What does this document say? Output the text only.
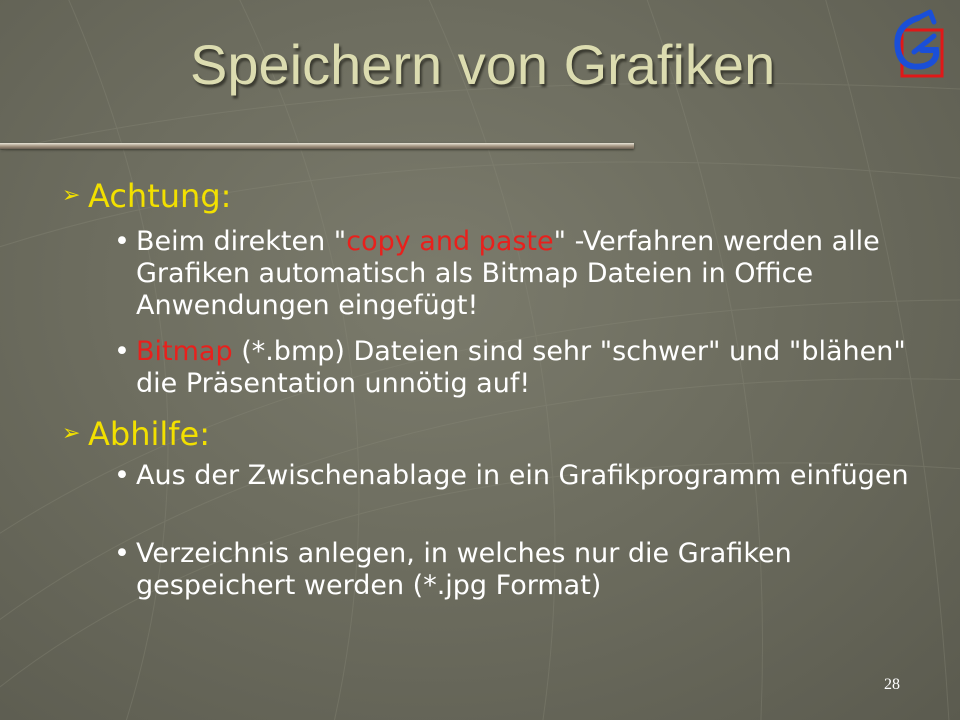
Speichern von Grafiken
➢ Achtung:
• Beim direkten "copy and paste" -Verfahren werden alle Grafiken automatisch als Bitmap Dateien in Office Anwendungen eingefügt!
• Bitmap (*.bmp) Dateien sind sehr "schwer" und "blähen" die Präsentation unnötig auf!
➢ Abhilfe:
• Aus der Zwischenablage in ein Grafikprogramm einfügen
• Verzeichnis anlegen, in welches nur die Grafiken gespeichert werden (*.jpg Format)
28
